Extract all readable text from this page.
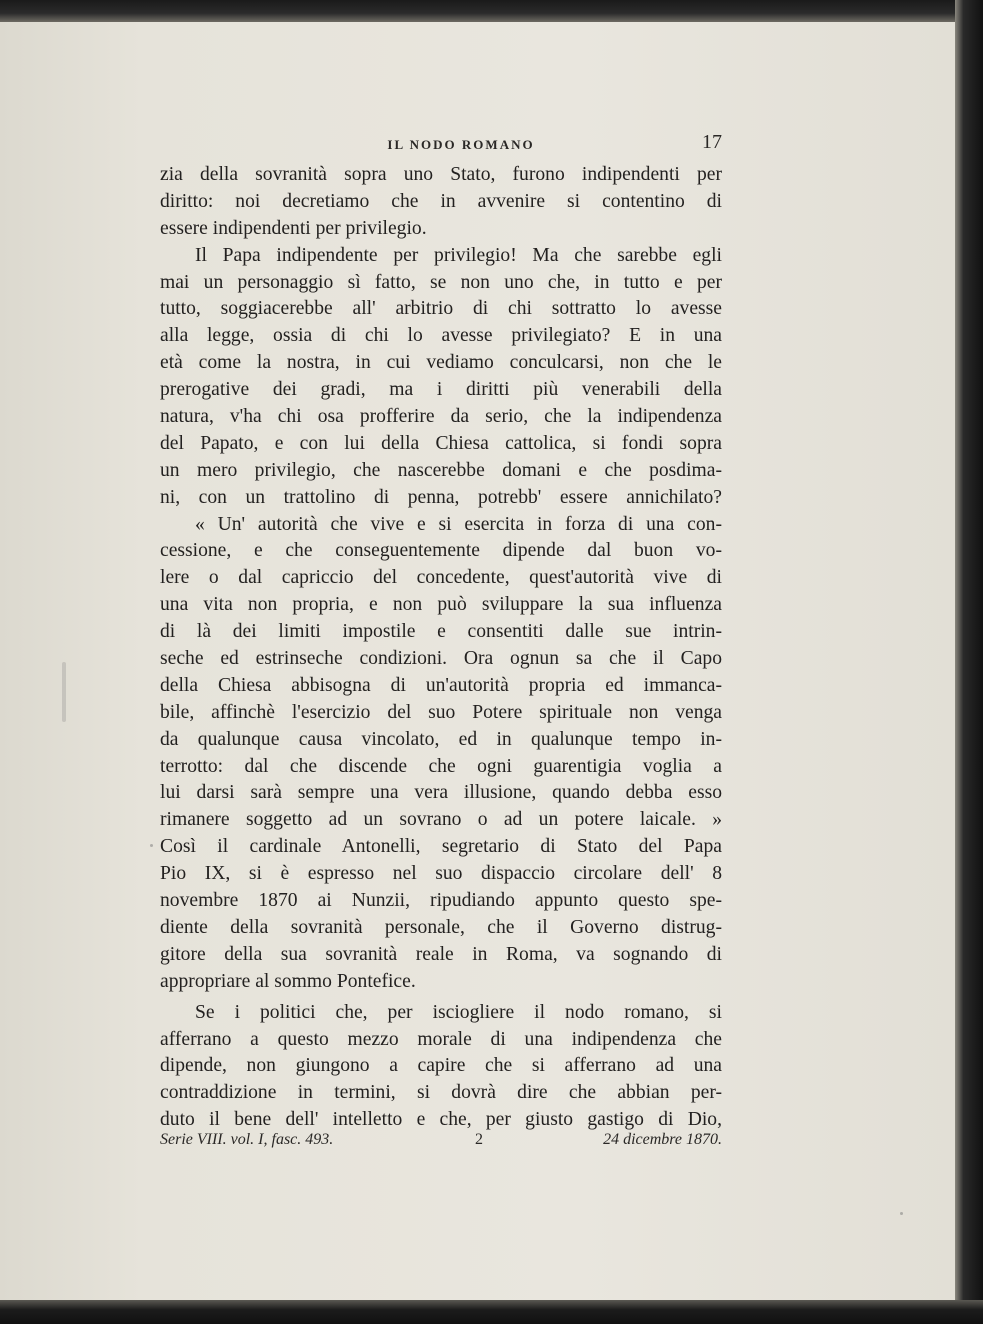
IL NODO ROMANO	17
zia della sovranità sopra uno Stato, furono indipendenti per
diritto: noi decretiamo che in avvenire si contentino di
essere indipendenti per privilegio.
Il Papa indipendente per privilegio! Ma che sarebbe egli
mai un personaggio sì fatto, se non uno che, in tutto e per
tutto, soggiacerebbe all' arbitrio di chi sottratto lo avesse
alla legge, ossia di chi lo avesse privilegiato? E in una
età come la nostra, in cui vediamo conculcarsi, non che le
prerogative dei gradi, ma i diritti più venerabili della
natura, v'ha chi osa profferire da serio, che la indipendenza
del Papato, e con lui della Chiesa cattolica, si fondi sopra
un mero privilegio, che nascerebbe domani e che posdima-
ni, con un trattolino di penna, potrebb' essere annichilato?
« Un' autorità che vive e si esercita in forza di una con-
cessione, e che conseguentemente dipende dal buon vo-
lere o dal capriccio del concedente, quest'autorità vive di
una vita non propria, e non può sviluppare la sua influenza
di là dei limiti impostile e consentiti dalle sue intrin-
seche ed estrinseche condizioni. Ora ognun sa che il Capo
della Chiesa abbisogna di un'autorità propria ed immanca-
bile, affinchè l'esercizio del suo Potere spirituale non venga
da qualunque causa vincolato, ed in qualunque tempo in-
terrotto: dal che discende che ogni guarentigia voglia a
lui darsi sarà sempre una vera illusione, quando debba esso
rimanere soggetto ad un sovrano o ad un potere laicale. »
Così il cardinale Antonelli, segretario di Stato del Papa
Pio IX, si è espresso nel suo dispaccio circolare dell' 8
novembre 1870 ai Nunzii, ripudiando appunto questo spe-
diente della sovranità personale, che il Governo distrug-
gitore della sua sovranità reale in Roma, va sognando di
appropriare al sommo Pontefice.
Se i politici che, per isciogliere il nodo romano, si
afferrano a questo mezzo morale di una indipendenza che
dipende, non giungono a capire che si afferrano ad una
contraddizione in termini, si dovrà dire che abbian per-
duto il bene dell' intelletto e che, per giusto gastigo di Dio,
Serie VIII. vol. I, fasc. 493.	2	24 dicembre 1870.
